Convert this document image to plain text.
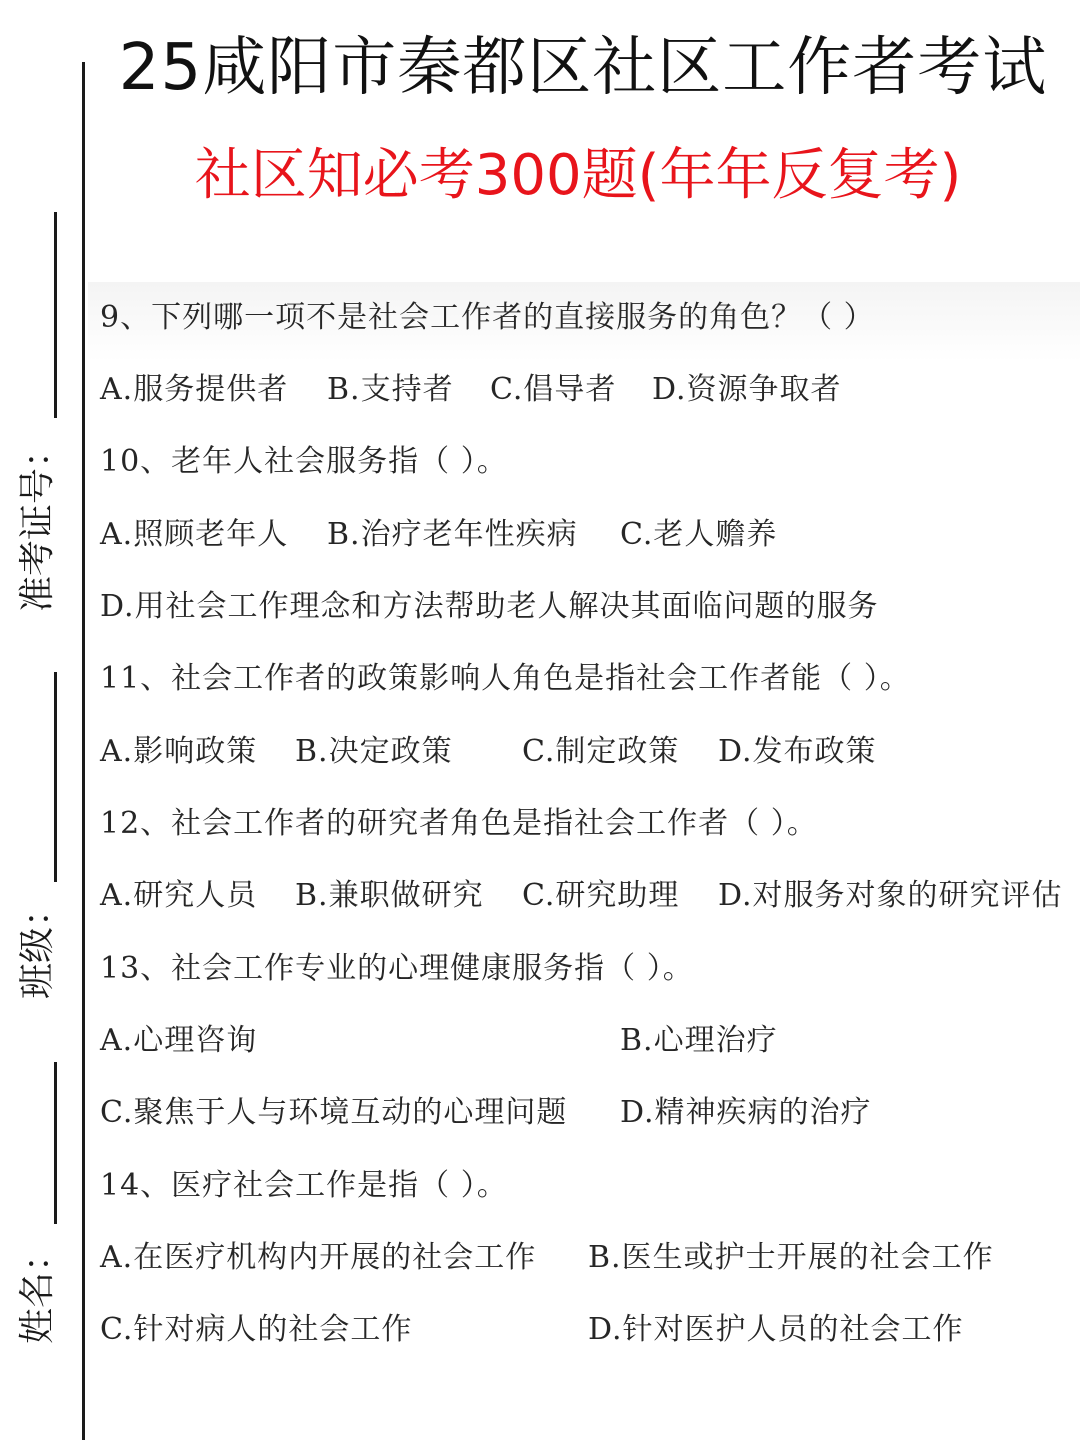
25咸阳市秦都区社区工作者考试
社区知必考300题(年年反复考)
准考证号：
班级：
姓名：
9、下列哪一项不是社会工作者的直接服务的角色？（ ）
A.服务提供者 B.支持者 C.倡导者 D.资源争取者
10、老年人社会服务指（ ）。
A.照顾老年人 B.治疗老年性疾病 C.老人赡养
D.用社会工作理念和方法帮助老人解决其面临问题的服务
11、社会工作者的政策影响人角色是指社会工作者能（ ）。
A.影响政策 B.决定政策 C.制定政策 D.发布政策
12、社会工作者的研究者角色是指社会工作者（ ）。
A.研究人员 B.兼职做研究 C.研究助理 D.对服务对象的研究评估
13、社会工作专业的心理健康服务指（ ）。
A.心理咨询	B.心理治疗
C.聚焦于人与环境互动的心理问题 D.精神疾病的治疗
14、医疗社会工作是指（ ）。
A.在医疗机构内开展的社会工作 B.医生或护士开展的社会工作
C.针对病人的社会工作	D.针对医护人员的社会工作
